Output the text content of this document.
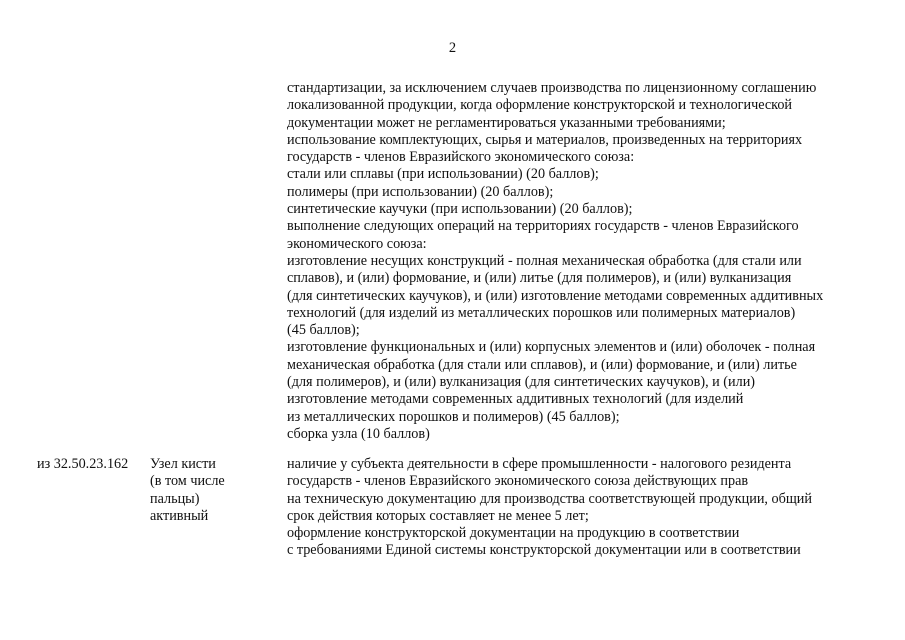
2
стандартизации, за исключением случаев производства по лицензионному соглашению
локализованной продукции, когда оформление конструкторской и технологической
документации может не регламентироваться указанными требованиями;
использование комплектующих, сырья и материалов, произведенных на территориях
государств - членов Евразийского экономического союза:
стали или сплавы (при использовании) (20 баллов);
полимеры (при использовании) (20 баллов);
синтетические каучуки (при использовании) (20 баллов);
выполнение следующих операций на территориях государств - членов Евразийского
экономического союза:
изготовление несущих конструкций - полная механическая обработка (для стали или
сплавов), и (или) формование, и (или) литье (для полимеров), и (или) вулканизация
(для синтетических каучуков), и (или) изготовление методами современных аддитивных
технологий (для изделий из металлических порошков или полимерных материалов)
(45 баллов);
изготовление функциональных и (или) корпусных элементов и (или) оболочек - полная
механическая обработка (для стали или сплавов), и (или) формование, и (или) литье
(для полимеров), и (или) вулканизация (для синтетических каучуков), и (или)
изготовление методами современных аддитивных технологий (для изделий
из металлических порошков и полимеров) (45 баллов);
сборка узла (10 баллов)
из 32.50.23.162 Узел кисти
(в том числе
пальцы)
активный
наличие у субъекта деятельности в сфере промышленности - налогового резидента
государств - членов Евразийского экономического союза действующих прав
на техническую документацию для производства соответствующей продукции, общий
срок действия которых составляет не менее 5 лет;
оформление конструкторской документации на продукцию в соответствии
с требованиями Единой системы конструкторской документации или в соответствии
